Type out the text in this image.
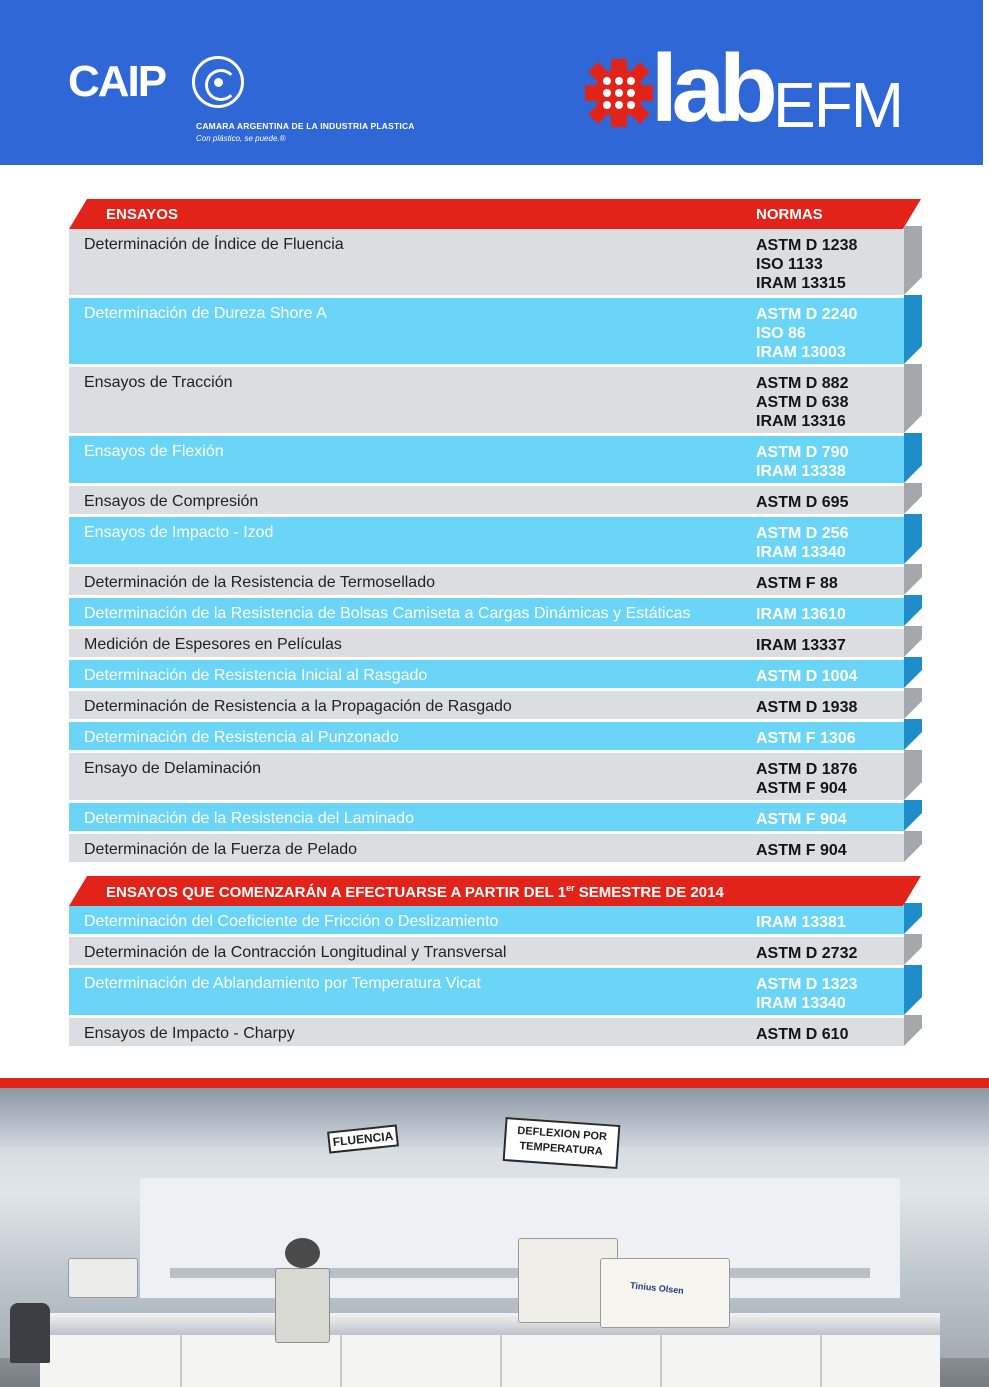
CAIP
CAMARA ARGENTINA DE LA INDUSTRIA PLASTICA
Con plástico, se puede.®	lab EFM
ENSAYOS	NORMAS
Determinación de Índice de Fluencia	ASTM D 1238
ISO 1133
IRAM 13315
Determinación de Dureza Shore A	ASTM D 2240
ISO 86
IRAM 13003
Ensayos de Tracción	ASTM D 882
ASTM D 638
IRAM 13316
Ensayos de Flexión	ASTM D 790
IRAM 13338
Ensayos de Compresión	ASTM D 695
Ensayos de Impacto - Izod	ASTM D 256
IRAM 13340
Determinación de la Resistencia de Termosellado	ASTM F 88
Determinación de la Resistencia de Bolsas Camiseta a Cargas Dinámicas y Estáticas	IRAM 13610
Medición de Espesores en Películas	IRAM 13337
Determinación de Resistencia Inicial al Rasgado	ASTM D 1004
Determinación de Resistencia a la Propagación de Rasgado	ASTM D 1938
Determinación de Resistencia al Punzonado	ASTM F 1306
Ensayo de Delaminación	ASTM D 1876
ASTM F 904
Determinación de la Resistencia del Laminado	ASTM F 904
Determinación de la Fuerza de Pelado	ASTM F 904
ENSAYOS QUE COMENZARÁN A EFECTUARSE A PARTIR DEL 1er SEMESTRE DE 2014
Determinación del Coeficiente de Fricción o Deslizamiento	IRAM 13381
Determinación de la Contracción Longitudinal y Transversal	ASTM D 2732
Determinación de Ablandamiento por Temperatura Vicat	ASTM D 1323
IRAM 13340
Ensayos de Impacto - Charpy	ASTM D 610
Tinius Olsen
FLUENCIA	DEFLEXION POR
TEMPERATURA
